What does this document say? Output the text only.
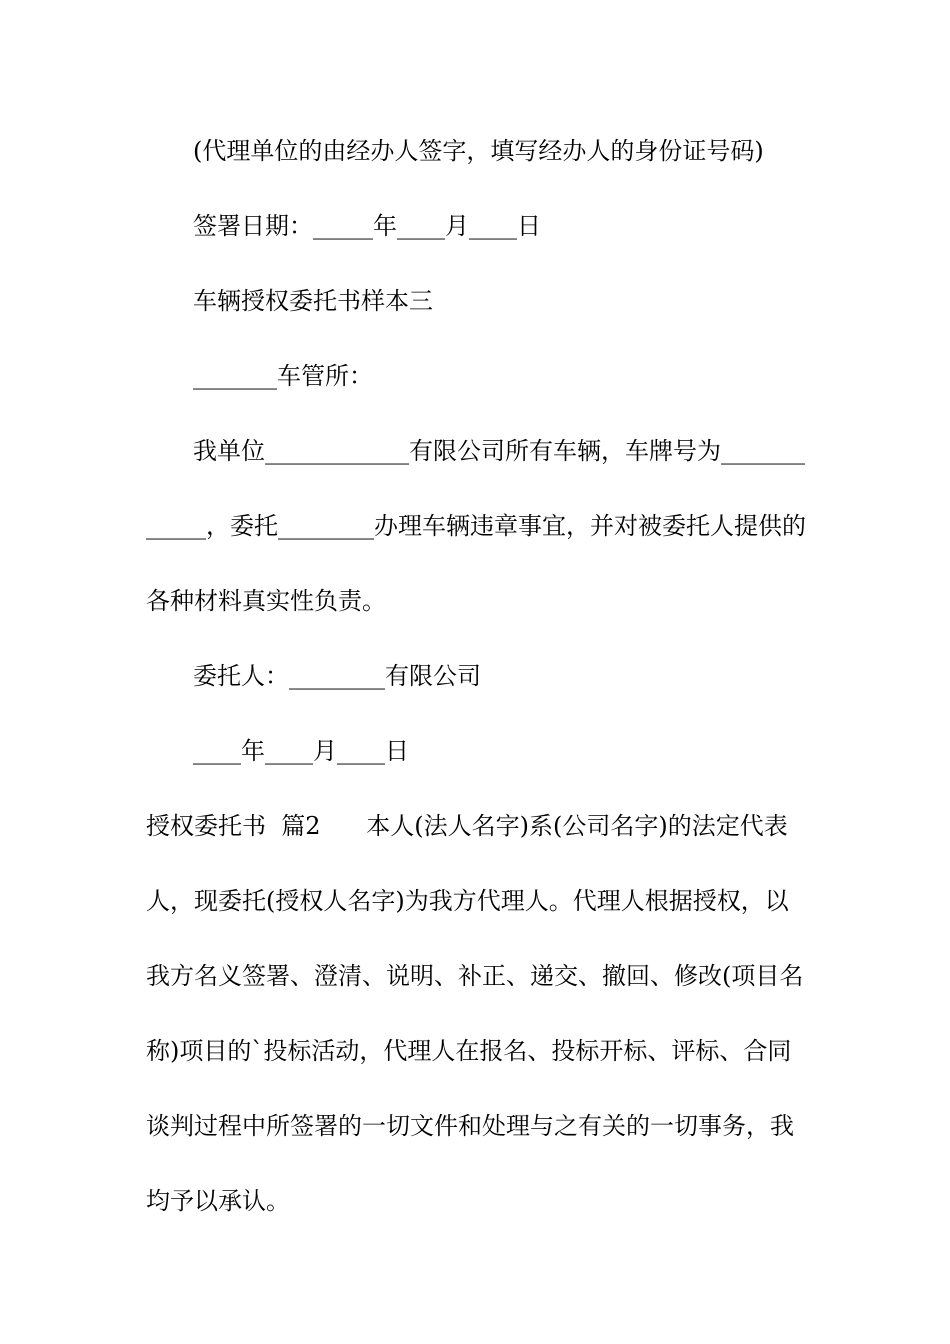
(代理单位的由经办人签字，填写经办人的身份证号码)
签署日期：_____年____月____日
车辆授权委托书样本三
_______车管所：
我单位____________有限公司所有车辆，车牌号为_______
_____，委托________办理车辆违章事宜，并对被委托人提供的
各种材料真实性负责。
委托人：________有限公司
____年____月____日
授权委托书  篇2      本人(法人名字)系(公司名字)的法定代表
人，现委托(授权人名字)为我方代理人。代理人根据授权，以
我方名义签署、澄清、说明、补正、递交、撤回、修改(项目名
称)项目的`投标活动，代理人在报名、投标开标、评标、合同
谈判过程中所签署的一切文件和处理与之有关的一切事务，我
均予以承认。
